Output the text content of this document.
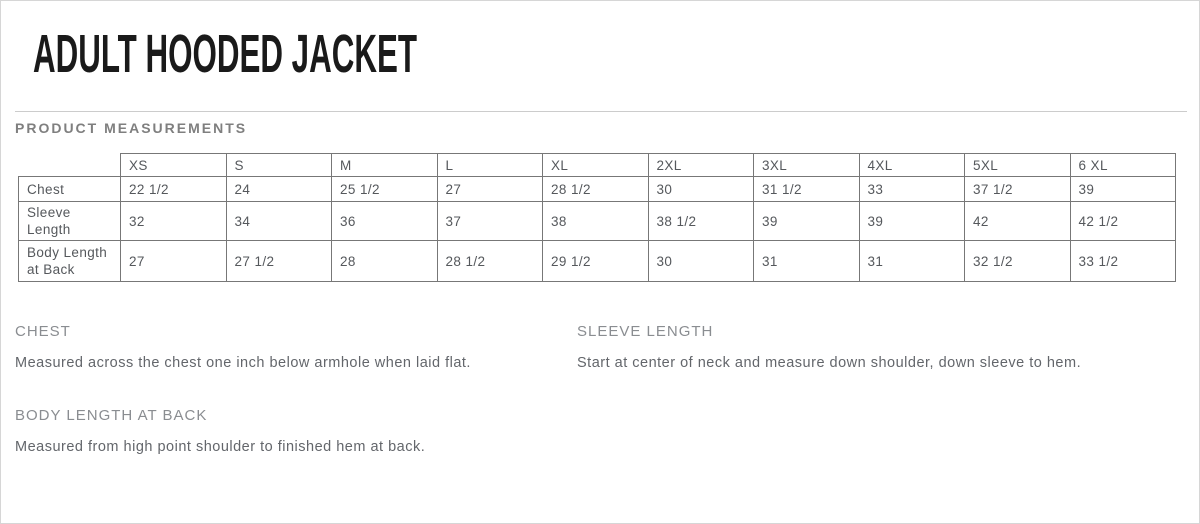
ADULT HOODED JACKET
PRODUCT MEASUREMENTS
	XS	S	M	L	XL	2XL	3XL	4XL	5XL	6 XL
Chest	22 1/2	24	25 1/2	27	28 1/2	30	31 1/2	33	37 1/2	39
Sleeve Length	32	34	36	37	38	38 1/2	39	39	42	42 1/2
Body Length at Back	27	27 1/2	28	28 1/2	29 1/2	30	31	31	32 1/2	33 1/2

CHEST

Measured across the chest one inch below armhole when laid flat.

SLEEVE LENGTH

Start at center of neck and measure down shoulder, down sleeve to hem.

BODY LENGTH AT BACK

Measured from high point shoulder to finished hem at back.
